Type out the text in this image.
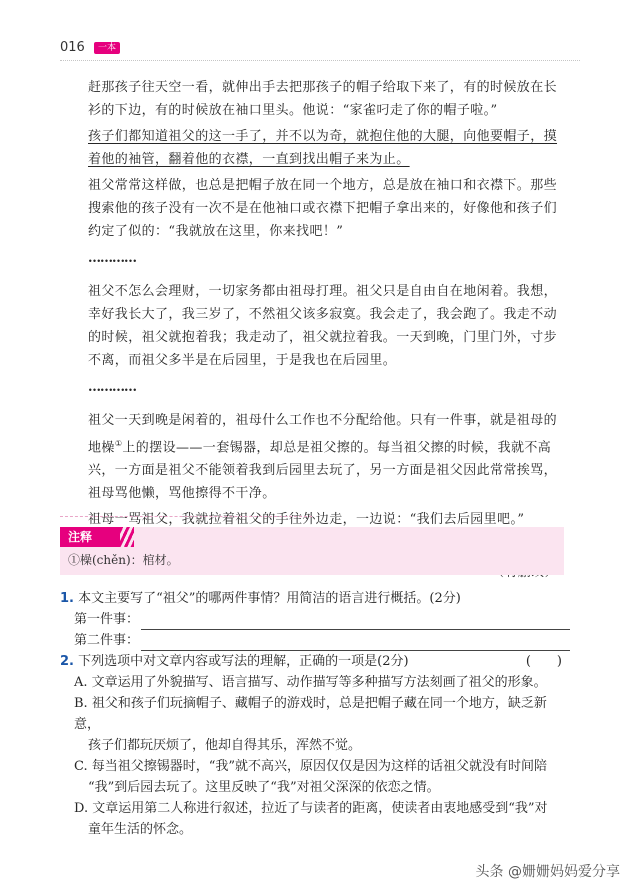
016	一本

赶那孩子往天空一看，就伸出手去把那孩子的帽子给取下来了，有的时候放在长衫的下边，有的时候放在袖口里头。他说：“家雀叼走了你的帽子啦。”

孩子们都知道祖父的这一手了，并不以为奇，就抱住他的大腿，向他要帽子，摸着他的袖管，翻着他的衣襟，一直到找出帽子来为止。

祖父常常这样做，也总是把帽子放在同一个地方，总是放在袖口和衣襟下。那些搜索他的孩子没有一次不是在他袖口或衣襟下把帽子拿出来的，好像他和孩子们约定了似的：“我就放在这里，你来找吧！”

…………

祖父不怎么会理财，一切家务都由祖母打理。祖父只是自由自在地闲着。我想，幸好我长大了，我三岁了，不然祖父该多寂寞。我会走了，我会跑了。我走不动的时候，祖父就抱着我；我走动了，祖父就拉着我。一天到晚，门里门外，寸步不离，而祖父多半是在后园里，于是我也在后园里。

…………

祖父一天到晚是闲着的，祖母什么工作也不分配给他。只有一件事，就是祖母的地橾①上的摆设——一套锡器，却总是祖父擦的。每当祖父擦的时候，我就不高兴，一方面是祖父不能领着我到后园里去玩了，另一方面是祖父因此常常挨骂，祖母骂他懒，骂他擦得不干净。

祖母一骂祖父，我就拉着祖父的手往外边走，一边说：“我们去后园里吧。”

注释
①橾(chěn)：棺材。

1. 本文主要写了“祖父”的哪两件事情？用简洁的语言进行概括。(2分)

第一件事：
第二件事：

2. 下列选项中对文章内容或写法的理解，正确的一项是(2分)	(　　)

A. 文章运用了外貌描写、语言描写、动作描写等多种描写方法刻画了祖父的形象。
B. 祖父和孩子们玩摘帽子、藏帽子的游戏时，总是把帽子藏在同一个地方，缺乏新意，
孩子们都玩厌烦了，他却自得其乐，浑然不觉。
C. 每当祖父擦锡器时，“我”就不高兴，原因仅仅是因为这样的话祖父就没有时间陪
“我”到后园去玩了。这里反映了“我”对祖父深深的依恋之情。
D. 文章运用第二人称进行叙述，拉近了与读者的距离，使读者由衷地感受到“我”对
童年生活的怀念。
头条 @姗姗妈妈爱分享
